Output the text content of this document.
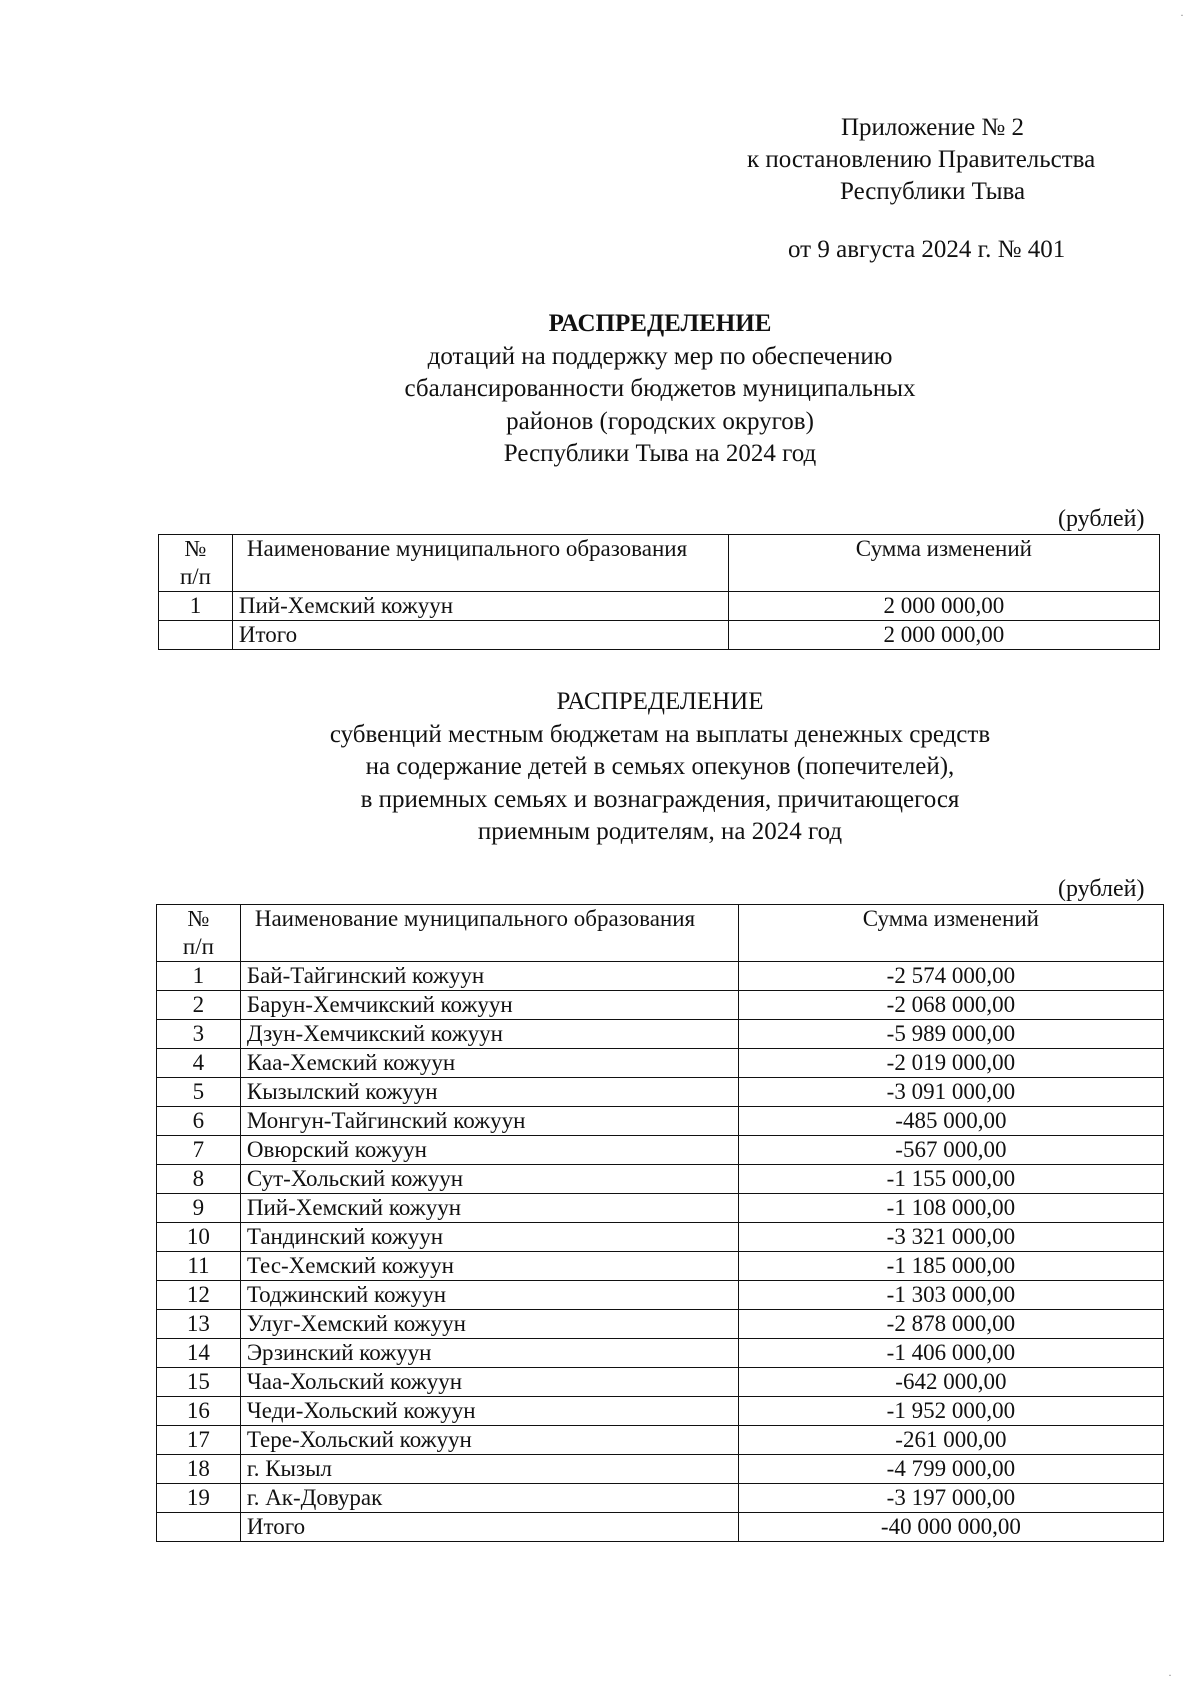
Приложение № 2
к постановлению Правительства
Республики Тыва
от 9 августа 2024 г. № 401
РАСПРЕДЕЛЕНИЕ
дотаций на поддержку мер по обеспечению
сбалансированности бюджетов муниципальных
районов (городских округов)
Республики Тыва на 2024 год
(рублей)
№
п/п	Наименование муниципального образования	Сумма изменений
1	Пий-Хемский кожуун	2 000 000,00
	Итого	2 000 000,00
РАСПРЕДЕЛЕНИЕ
субвенций местным бюджетам на выплаты денежных средств
на содержание детей в семьях опекунов (попечителей),
в приемных семьях и вознаграждения, причитающегося
приемным родителям, на 2024 год
(рублей)
№
п/п	Наименование муниципального образования	Сумма изменений
1	Бай-Тайгинский кожуун	-2 574 000,00
2	Барун-Хемчикский кожуун	-2 068 000,00
3	Дзун-Хемчикский кожуун	-5 989 000,00
4	Каа-Хемский кожуун	-2 019 000,00
5	Кызылский кожуун	-3 091 000,00
6	Монгун-Тайгинский кожуун	-485 000,00
7	Овюрский кожуун	-567 000,00
8	Сут-Хольский кожуун	-1 155 000,00
9	Пий-Хемский кожуун	-1 108 000,00
10	Тандинский кожуун	-3 321 000,00
11	Тес-Хемский кожуун	-1 185 000,00
12	Тоджинский кожуун	-1 303 000,00
13	Улуг-Хемский кожуун	-2 878 000,00
14	Эрзинский кожуун	-1 406 000,00
15	Чаа-Хольский кожуун	-642 000,00
16	Чеди-Хольский кожуун	-1 952 000,00
17	Тере-Хольский кожуун	-261 000,00
18	г. Кызыл	-4 799 000,00
19	г. Ак-Довурак	-3 197 000,00
	Итого	-40 000 000,00
·
·
